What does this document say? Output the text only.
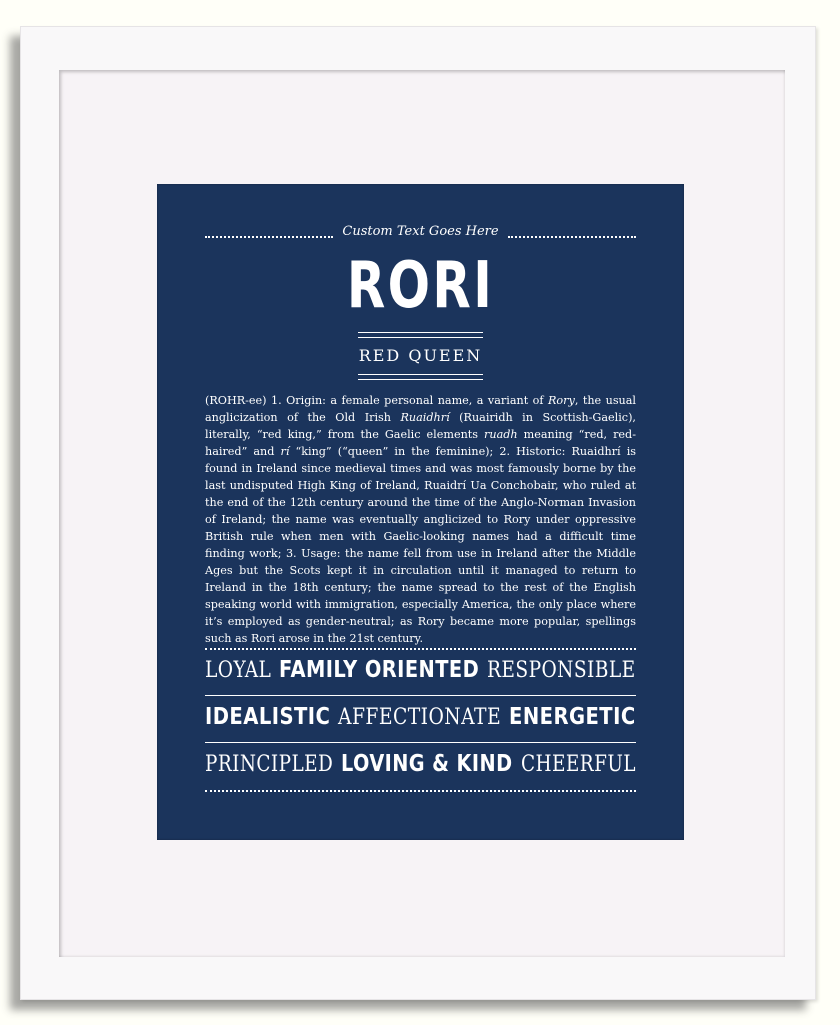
Custom Text Goes Here
RORI
RED QUEEN
(ROHR-ee) 1. Origin: a female personal name, a variant of Rory, the usual anglicization of the Old Irish Ruaidhrí (Ruairidh in Scottish-Gaelic), literally, “red king,” from the Gaelic elements ruadh meaning “red, red-haired” and rí “king” (“queen” in the feminine); 2. Historic: Ruaidhrí is found in Ireland since medieval times and was most famously borne by the last undisputed High King of Ireland, Ruaidrí Ua Conchobair, who ruled at the end of the 12th century around the time of the Anglo-Norman Invasion of Ireland; the name was eventually anglicized to Rory under oppressive British rule when men with Gaelic-looking names had a difficult time finding work; 3. Usage: the name fell from use in Ireland after the Middle Ages but the Scots kept it in circulation until it managed to return to Ireland in the 18th century; the name spread to the rest of the English speaking world with immigration, especially America, the only place where it’s employed as gender-neutral; as Rory became more popular, spellings such as Rori arose in the 21st century.
LOYAL FAMILY ORIENTED RESPONSIBLE
IDEALISTIC AFFECTIONATE ENERGETIC
PRINCIPLED LOVING & KIND CHEERFUL
